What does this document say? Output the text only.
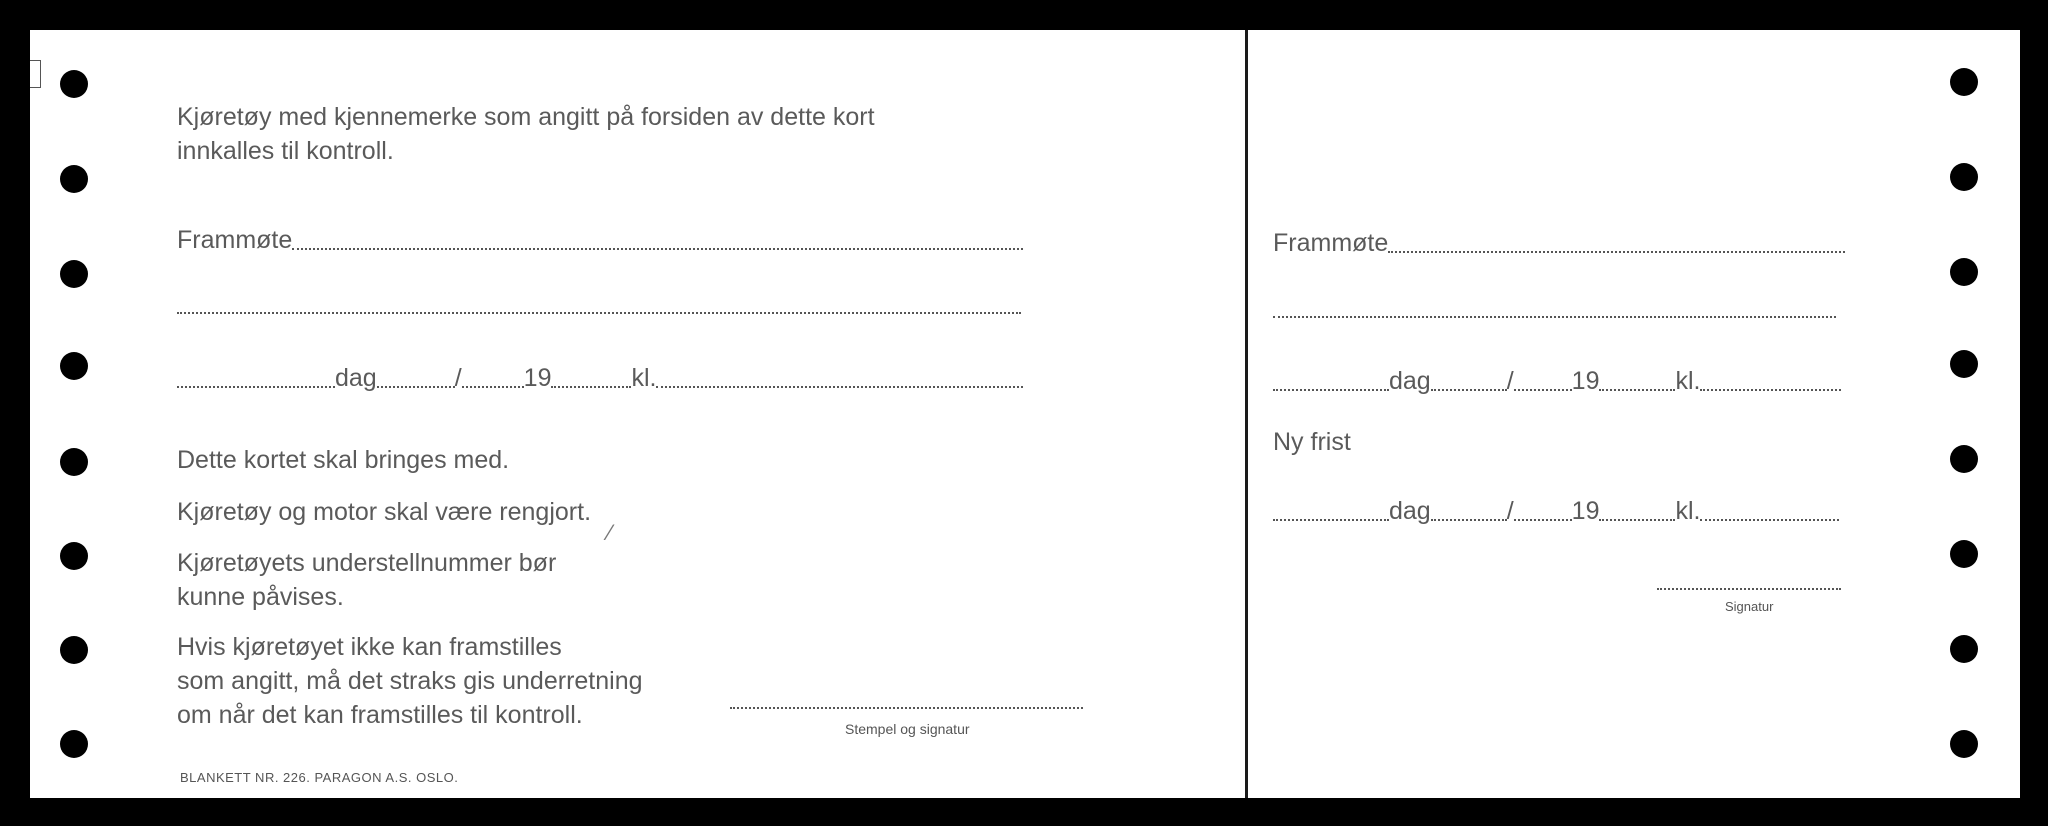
Kjøretøy med kjennemerke som angitt på forsiden av dette kort
innkalles til kontroll.
Frammøte
dag	/ 19	kl.
Dette kortet skal bringes med.
Kjøretøy og motor skal være rengjort.
Kjøretøyets understellnummer bør
kunne påvises.
Hvis kjøretøyet ikke kan framstilles
som angitt, må det straks gis underretning
om når det kan framstilles til kontroll.
⁄
Stempel og signatur
BLANKETT NR. 226. PARAGON A.S. OSLO.
Frammøte
dag	/ 19	kl.
Ny frist
dag	/ 19	kl.
Signatur
